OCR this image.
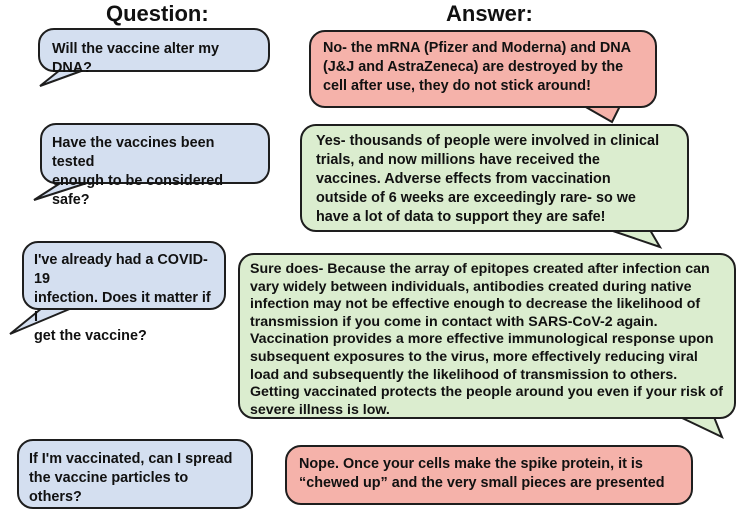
Question:	Answer:
Will the vaccine alter my DNA?
No- the mRNA (Pfizer and Moderna) and DNA
(J&J and AstraZeneca) are destroyed by the
cell after use, they do not stick around!
Have the vaccines been tested
enough to be considered safe?
Yes- thousands of people were involved in clinical
trials, and now millions have received the
vaccines. Adverse effects from vaccination
outside of 6 weeks are exceedingly rare- so we
have a lot of data to support they are safe!
I've already had a COVID-19
infection. Does it matter if I
get the vaccine?
Sure does- Because the array of epitopes created after infection can
vary widely between individuals, antibodies created during native
infection may not be effective enough to decrease the likelihood of
transmission if you come in contact with SARS-CoV-2 again.
Vaccination provides a more effective immunological response upon
subsequent exposures to the virus, more effectively reducing viral
load and subsequently the likelihood of transmission to others.
Getting vaccinated protects the people around you even if your risk of
severe illness is low.
If I'm vaccinated, can I spread
the vaccine particles to others?
Nope. Once your cells make the spike protein, it is
“chewed up” and the very small pieces are presented
